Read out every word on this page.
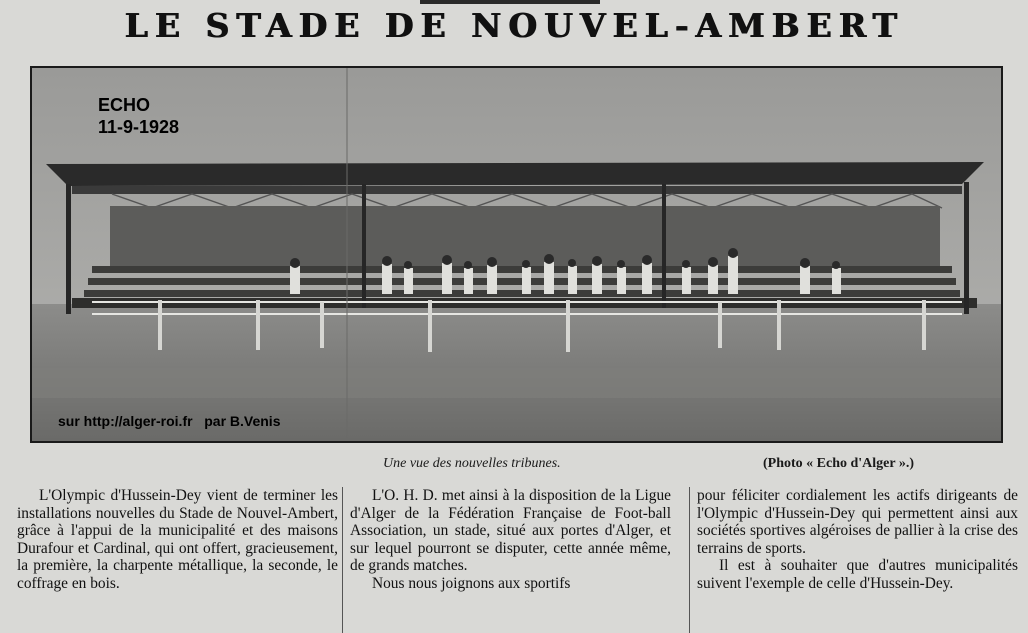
LE STADE DE NOUVEL-AMBERT
ECHO
11-9-1928
sur http://alger-roi.fr   par B.Venis
Une vue des nouvelles tribunes.	(Photo « Echo d'Alger ».)

L'Olympic d'Hussein-Dey vient de terminer les installations nouvelles du Stade de Nouvel-Ambert, grâce à l'appui de la municipalité et des maisons Durafour et Cardinal, qui ont offert, gracieusement, la première, la charpente métallique, la seconde, le coffrage en bois.

L'O. H. D. met ainsi à la disposition de la Ligue d'Alger de la Fédération Française de Foot-ball Association, un stade, situé aux portes d'Alger, et sur lequel pourront se disputer, cette année même, de grands matches.

Nous nous joignons aux sportifs

pour féliciter cordialement les actifs dirigeants de l'Olympic d'Hussein-Dey qui permettent ainsi aux sociétés sportives algéroises de pallier à la crise des terrains de sports.

Il est à souhaiter que d'autres municipalités suivent l'exemple de celle d'Hussein-Dey.
